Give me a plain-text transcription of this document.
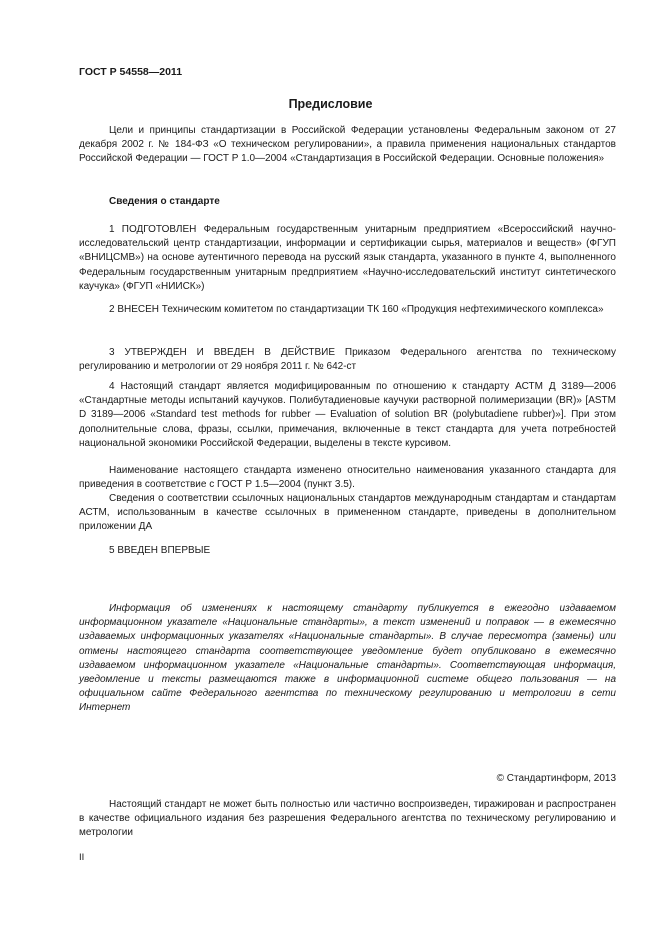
ГОСТ Р 54558—2011
Предисловие
Цели и принципы стандартизации в Российской Федерации установлены Федеральным законом от 27 декабря 2002 г. № 184-ФЗ «О техническом регулировании», а правила применения национальных стандартов Российской Федерации — ГОСТ Р 1.0—2004 «Стандартизация в Российской Федерации. Основные положения»
Сведения о стандарте
1 ПОДГОТОВЛЕН Федеральным государственным унитарным предприятием «Всероссийский научно-исследовательский центр стандартизации, информации и сертификации сырья, материалов и веществ» (ФГУП «ВНИЦСМВ») на основе аутентичного перевода на русский язык стандарта, указанного в пункте 4, выполненного Федеральным государственным унитарным предприятием «Научно-исследовательский институт синтетического каучука» (ФГУП «НИИСК»)
2 ВНЕСЕН Техническим комитетом по стандартизации ТК 160 «Продукция нефтехимического комплекса»
3 УТВЕРЖДЕН И ВВЕДЕН В ДЕЙСТВИЕ Приказом Федерального агентства по техническому регулированию и метрологии от 29 ноября 2011 г. № 642-ст
4 Настоящий стандарт является модифицированным по отношению к стандарту АСТМ Д 3189—2006 «Стандартные методы испытаний каучуков. Полибутадиеновые каучуки растворной полимеризации (BR)» [ASTM D 3189—2006 «Standard test methods for rubber — Evaluation of solution BR (polybutadiene rubber)»]. При этом дополнительные слова, фразы, ссылки, примечания, включенные в текст стандарта для учета потребностей национальной экономики Российской Федерации, выделены в тексте курсивом.
Наименование настоящего стандарта изменено относительно наименования указанного стандарта для приведения в соответствие с ГОСТ Р 1.5—2004 (пункт 3.5).
Сведения о соответствии ссылочных национальных стандартов международным стандартам и стандартам АСТМ, использованным в качестве ссылочных в примененном стандарте, приведены в дополнительном приложении ДА
5 ВВЕДЕН ВПЕРВЫЕ
Информация об изменениях к настоящему стандарту публикуется в ежегодно издаваемом информационном указателе «Национальные стандарты», а текст изменений и поправок — в ежемесячно издаваемых информационных указателях «Национальные стандарты». В случае пересмотра (замены) или отмены настоящего стандарта соответствующее уведомление будет опубликовано в ежемесячно издаваемом информационном указателе «Национальные стандарты». Соответствующая информация, уведомление и тексты размещаются также в информационной системе общего пользования — на официальном сайте Федерального агентства по техническому регулированию и метрологии в сети Интернет
© Стандартинформ, 2013
Настоящий стандарт не может быть полностью или частично воспроизведен, тиражирован и распространен в качестве официального издания без разрешения Федерального агентства по техническому регулированию и метрологии
II
